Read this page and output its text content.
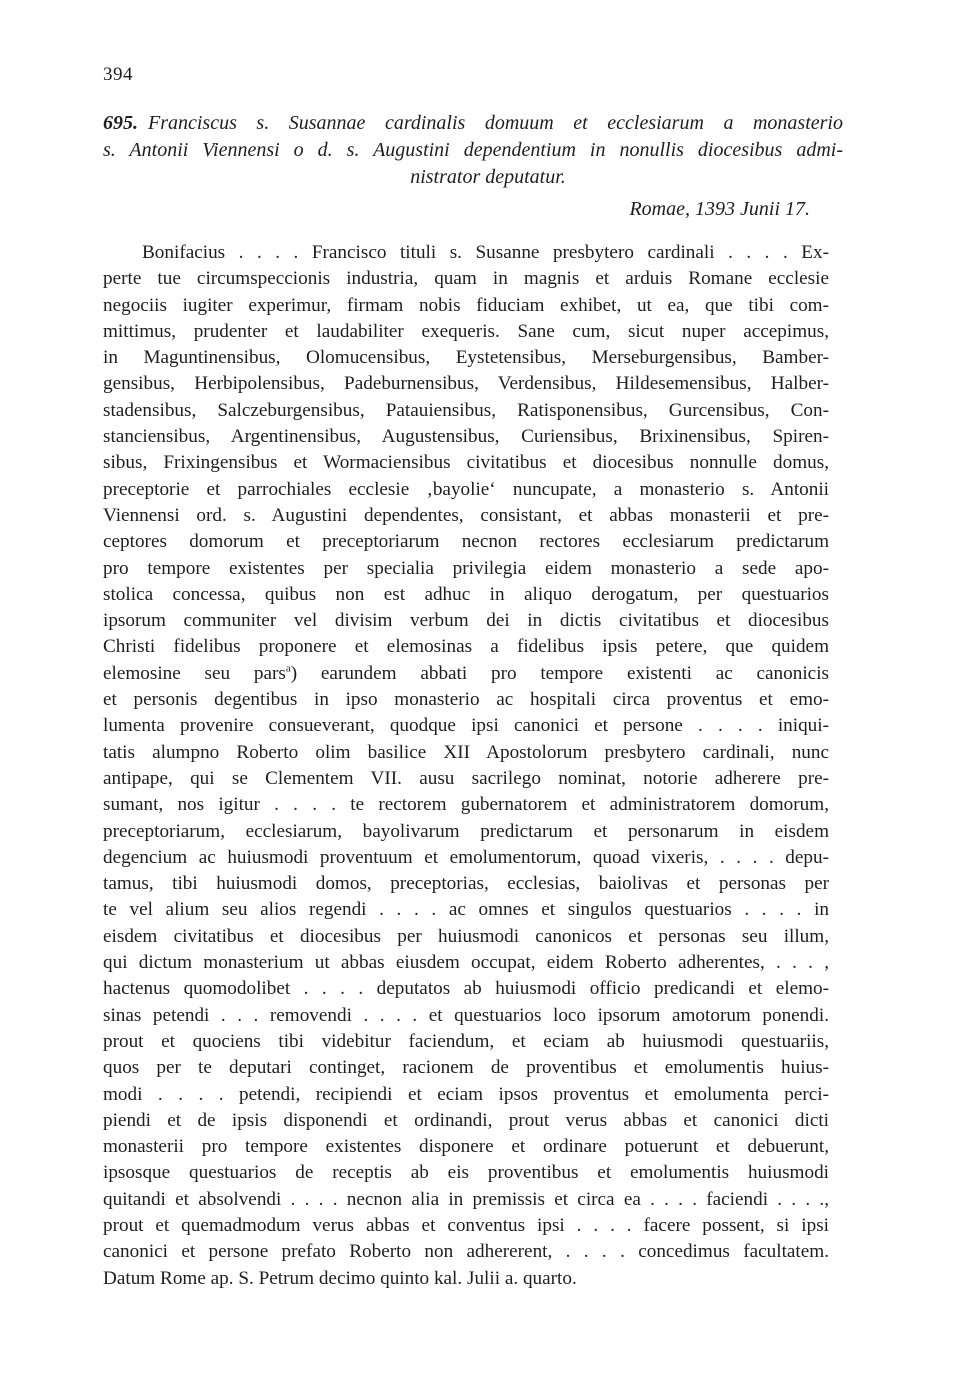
394
695. Franciscus s. Susannae cardinalis domuum et ecclesiarum a monasterio
s. Antonii Viennensi o d. s. Augustini dependentium in nonullis diocesibus admi-
nistrator deputatur.
Romae, 1393 Junii 17.
Bonifacius . . . . Francisco tituli s. Susanne presbytero cardinali . . . . Ex-
perte tue circumspeccionis industria, quam in magnis et arduis Romane ecclesie
negociis iugiter experimur, firmam nobis fiduciam exhibet, ut ea, que tibi com-
mittimus, prudenter et laudabiliter exequeris. Sane cum, sicut nuper accepimus,
in Maguntinensibus, Olomucensibus, Eystetensibus, Merseburgensibus, Bamber-
gensibus, Herbipolensibus, Padeburnensibus, Verdensibus, Hildesemensibus, Halber-
stadensibus, Salczeburgensibus, Patauiensibus, Ratisponensibus, Gurcensibus, Con-
stanciensibus, Argentinensibus, Augustensibus, Curiensibus, Brixinensibus, Spiren-
sibus, Frixingensibus et Wormaciensibus civitatibus et diocesibus nonnulle domus,
preceptorie et parrochiales ecclesie ‚bayolie‘ nuncupate, a monasterio s. Antonii
Viennensi ord. s. Augustini dependentes, consistant, et abbas monasterii et pre-
ceptores domorum et preceptoriarum necnon rectores ecclesiarum predictarum
pro tempore existentes per specialia privilegia eidem monasterio a sede apo-
stolica concessa, quibus non est adhuc in aliquo derogatum, per questuarios
ipsorum communiter vel divisim verbum dei in dictis civitatibus et diocesibus
Christi fidelibus proponere et elemosinas a fidelibus ipsis petere, que quidem
elemosine seu pars$^a$) earundem abbati pro tempore existenti ac canonicis
et personis degentibus in ipso monasterio ac hospitali circa proventus et emo-
lumenta provenire consueverant, quodque ipsi canonici et persone . . . . iniqui-
tatis alumpno Roberto olim basilice XII Apostolorum presbytero cardinali, nunc
antipape, qui se Clementem VII. ausu sacrilego nominat, notorie adherere pre-
sumant, nos igitur . . . . te rectorem gubernatorem et administratorem domorum,
preceptoriarum, ecclesiarum, bayolivarum predictarum et personarum in eisdem
degencium ac huiusmodi proventuum et emolumentorum, quoad vixeris, . . . . depu-
tamus, tibi huiusmodi domos, preceptorias, ecclesias, baiolivas et personas per
te vel alium seu alios regendi . . . . ac omnes et singulos questuarios . . . . in
eisdem civitatibus et diocesibus per huiusmodi canonicos et personas seu illum,
qui dictum monasterium ut abbas eiusdem occupat, eidem Roberto adherentes, . . . ,
hactenus quomodolibet . . . . deputatos ab huiusmodi officio predicandi et elemo-
sinas petendi . . . removendi . . . . et questuarios loco ipsorum amotorum ponendi.
prout et quociens tibi videbitur faciendum, et eciam ab huiusmodi questuariis,
quos per te deputari continget, racionem de proventibus et emolumentis huius-
modi . . . . petendi, recipiendi et eciam ipsos proventus et emolumenta perci-
piendi et de ipsis disponendi et ordinandi, prout verus abbas et canonici dicti
monasterii pro tempore existentes disponere et ordinare potuerunt et debuerunt,
ipsosque questuarios de receptis ab eis proventibus et emolumentis huiusmodi
quitandi et absolvendi . . . . necnon alia in premissis et circa ea . . . . faciendi . . . .,
prout et quemadmodum verus abbas et conventus ipsi . . . . facere possent, si ipsi
canonici et persone prefato Roberto non adhererent, . . . . concedimus facultatem.
Datum Rome ap. S. Petrum decimo quinto kal. Julii a. quarto.
